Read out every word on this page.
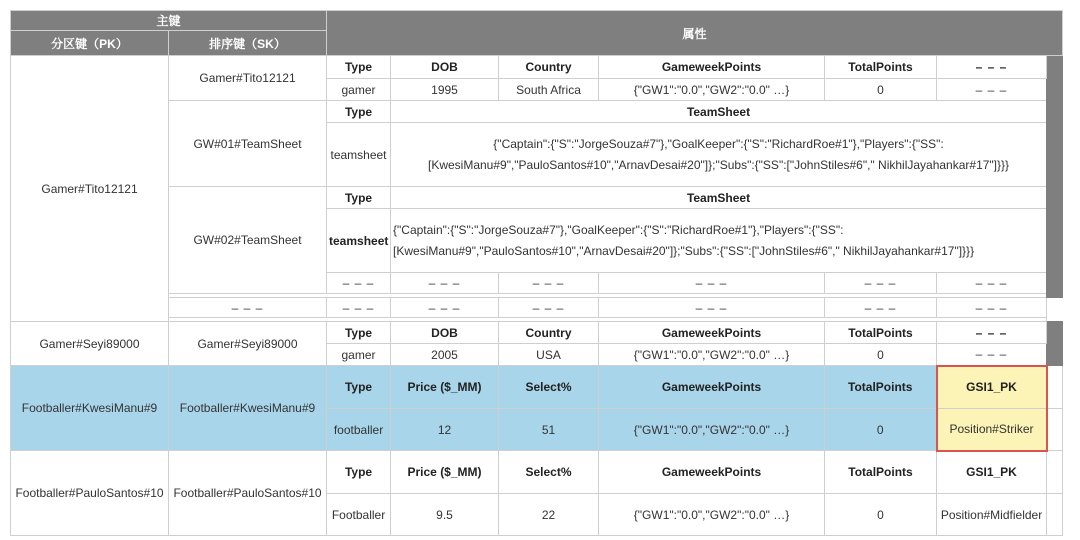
主键		属性							
分区键（PK）	排序键（SK）								
Gamer#Tito12121	Gamer#Tito12121	Type	DOB	Country	GameweekPoints	TotalPoints	– – –		
		gamer	1995	South Africa	{"GW1":"0.0","GW2":"0.0" …}	0	– – –		
	GW#01#TeamSheet	Type	TeamSheet						
		teamsheet	{"Captain":{"S":"JorgeSouza#7"},"GoalKeeper":{"S":"RichardRoe#1"},"Players":{"SS": [KwesiManu#9","PauloSantos#10","ArnavDesai#20"]};"Subs":{"SS":["JohnStiles#6"," NikhilJayahankar#17"]}}}						
	GW#02#TeamSheet	Type	TeamSheet						
		teamsheet	{"Captain":{"S":"JorgeSouza#7"},"GoalKeeper":{"S":"RichardRoe#1"},"Players":{"SS": [KwesiManu#9","PauloSantos#10","ArnavDesai#20"]};"Subs":{"SS":["JohnStiles#6"," NikhilJayahankar#17"]}}}						
		– – –	– – –	– – –	– – –	– – –	– – –		

	– – –	– – –	– – –	– – –	– – –	– – –	– – –		

Gamer#Seyi89000	Gamer#Seyi89000	Type	DOB	Country	GameweekPoints	TotalPoints	– – –		
		gamer	2005	USA	{"GW1":"0.0","GW2":"0.0" …}	0	– – –		
Footballer#KwesiManu#9	Footballer#KwesiManu#9	Type	Price ($_MM)	Select%	GameweekPoints	TotalPoints	GSI1_PK		
		footballer	12	51	{"GW1":"0.0","GW2":"0.0" …}	0	Position#Striker		
Footballer#PauloSantos#10	Footballer#PauloSantos#10	Type	Price ($_MM)	Select%	GameweekPoints	TotalPoints	GSI1_PK		
		Footballer	9.5	22	{"GW1":"0.0","GW2":"0.0" …}	0	Position#Midfielder		
